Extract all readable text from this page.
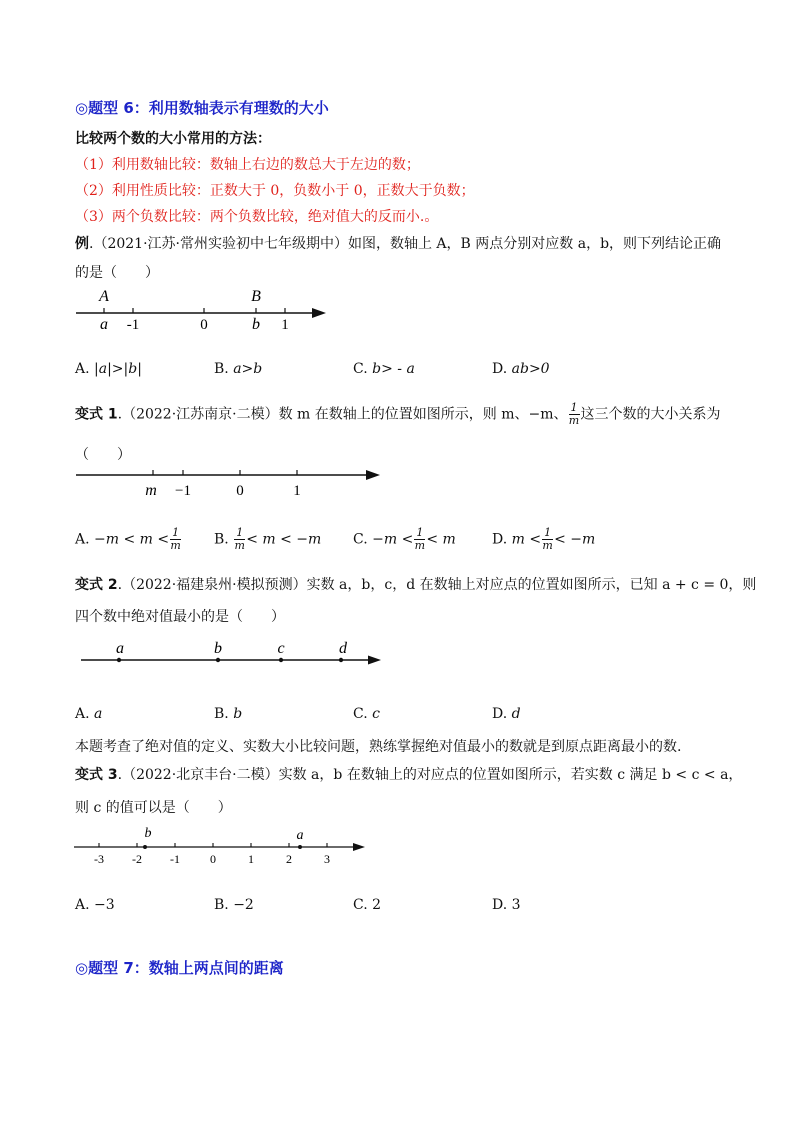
◎题型 6：利用数轴表示有理数的大小
比较两个数的大小常用的方法：
（1）利用数轴比较：数轴上右边的数总大于左边的数；
（2）利用性质比较：正数大于 0，负数小于 0，正数大于负数；
（3）两个负数比较：两个负数比较，绝对值大的反而小.。
例.（2021·江苏·常州实验初中七年级期中）如图，数轴上 A，B 两点分别对应数 a，b，则下列结论正确
的是（　　）
A	B
a -1	0	b 1
A. |a|>|b|	B. a>b	C. b> - a	D. ab>0
变式 1.（2022·江苏南京·二模）数 m 在数轴上的位置如图所示，则 m、−m、 $\frac{1}{m}$ 这三个数的大小关系为
（　　）
m −1	0	1
A. $-m < m < \frac{1}{m} B$. $\frac{1}{m} < m < -m$ C. $-m < \frac{1}{m} < m$	D. $m < \frac{1}{m} < -m$
变式 2.（2022·福建泉州·模拟预测）实数 a，b，c，d 在数轴上对应点的位置如图所示，已知 a + c = 0，则
四个数中绝对值最小的是（　　）
a	b	c	d
A. a	B. b	C. c	D. d
本题考查了绝对值的定义、实数大小比较问题，熟练掌握绝对值最小的数就是到原点距离最小的数.
变式 3.（2022·北京丰台·二模）实数 a，b 在数轴上的对应点的位置如图所示，若实数 c 满足 b < c < a，
则 c 的值可以是（　　）
-3 -2 -1	0	1	2	3
b	a
A. −3	B. −2	C. 2	D. 3
◎题型 7：数轴上两点间的距离
